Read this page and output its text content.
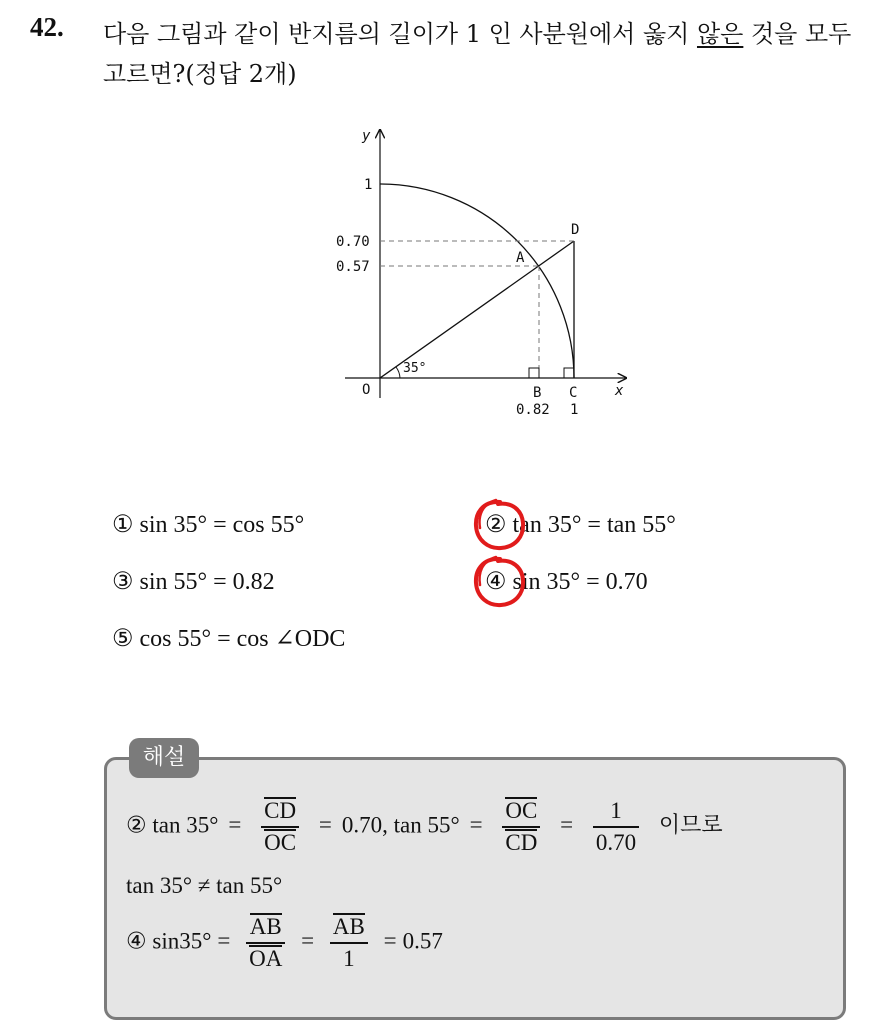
42. 다음 그림과 같이 반지름의 길이가 1 인 사분원에서 옳지 않은 것을 모두 고르면?(정답 2개)
y
x
1
0.70
0.57
D
A
O	B C
0.82 1
35°
① sin 35° = cos 55°	② tan 35° = tan 55°
③ sin 55° = 0.82	④ sin 35° = 0.70
⑤ cos 55° = cos ∠ODC
해설
② $\tan 35^\circ = \frac{CD}{OC} = 0.70$, $\tan 55^\circ = \frac{OC}{CD} = \frac{1}{0.70}$ 이므로
tan 35° ≠ tan 55°
④ $\sin 35^\circ = \frac{AB}{OA} = \frac{AB}{1} = 0.57$
